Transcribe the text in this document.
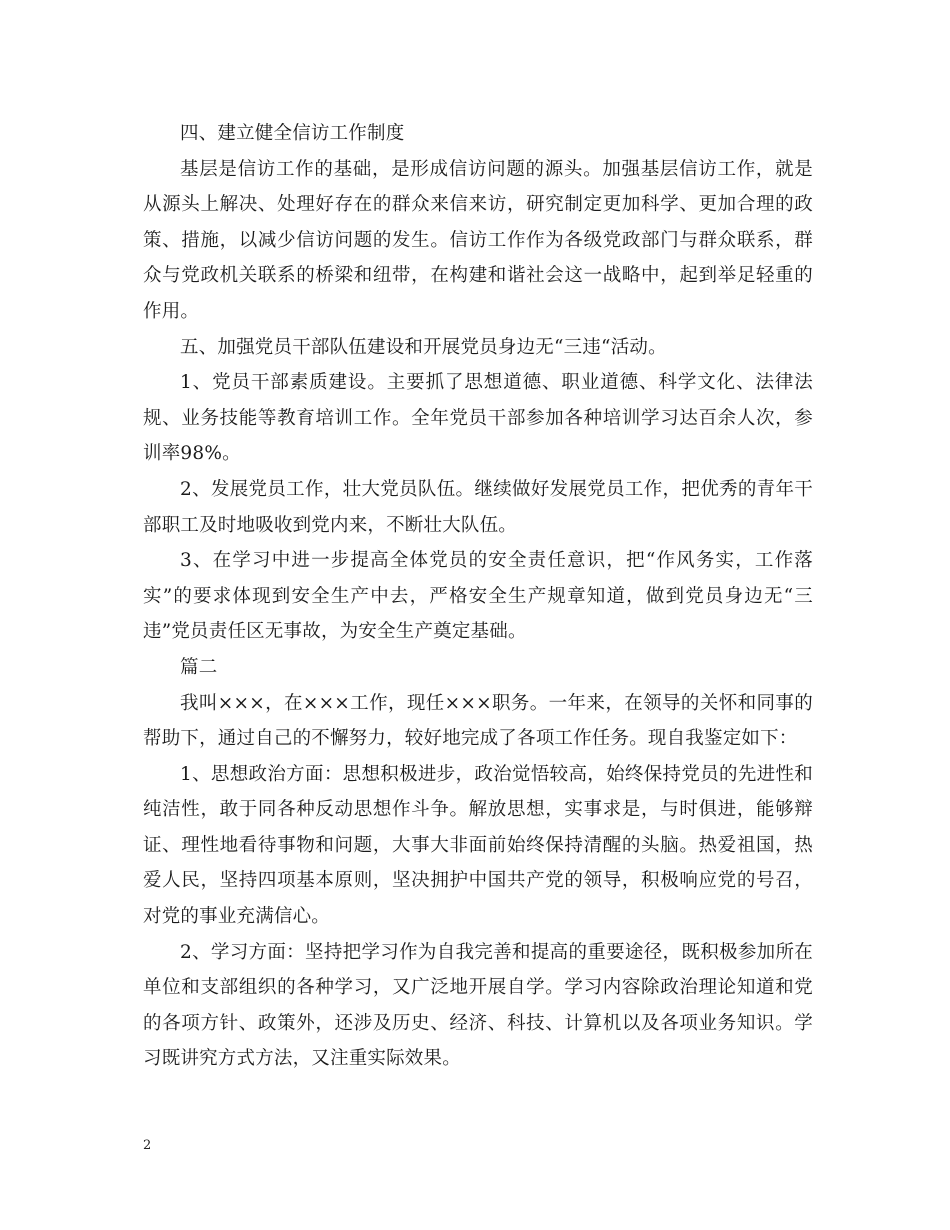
四、建立健全信访工作制度

基层是信访工作的基础，是形成信访问题的源头。加强基层信访工作，就是从源头上解决、处理好存在的群众来信来访，研究制定更加科学、更加合理的政策、措施，以减少信访问题的发生。信访工作作为各级党政部门与群众联系，群众与党政机关联系的桥梁和纽带，在构建和谐社会这一战略中，起到举足轻重的作用。

五、加强党员干部队伍建设和开展党员身边无“三违“活动。

1、党员干部素质建设。主要抓了思想道德、职业道德、科学文化、法律法规、业务技能等教育培训工作。全年党员干部参加各种培训学习达百余人次，参训率98%。

2、发展党员工作，壮大党员队伍。继续做好发展党员工作，把优秀的青年干部职工及时地吸收到党内来，不断壮大队伍。

3、在学习中进一步提高全体党员的安全责任意识，把“作风务实，工作落实”的要求体现到安全生产中去，严格安全生产规章知道，做到党员身边无“三违”党员责任区无事故，为安全生产奠定基础。

篇二

我叫×××，在×××工作，现任×××职务。一年来，在领导的关怀和同事的帮助下，通过自己的不懈努力，较好地完成了各项工作任务。现自我鉴定如下：

1、思想政治方面：思想积极进步，政治觉悟较高，始终保持党员的先进性和纯洁性，敢于同各种反动思想作斗争。解放思想，实事求是，与时俱进，能够辩证、理性地看待事物和问题，大事大非面前始终保持清醒的头脑。热爱祖国，热爱人民，坚持四项基本原则，坚决拥护中国共产党的领导，积极响应党的号召，对党的事业充满信心。

2、学习方面：坚持把学习作为自我完善和提高的重要途径，既积极参加所在单位和支部组织的各种学习，又广泛地开展自学。学习内容除政治理论知道和党的各项方针、政策外，还涉及历史、经济、科技、计算机以及各项业务知识。学习既讲究方式方法，又注重实际效果。

2
